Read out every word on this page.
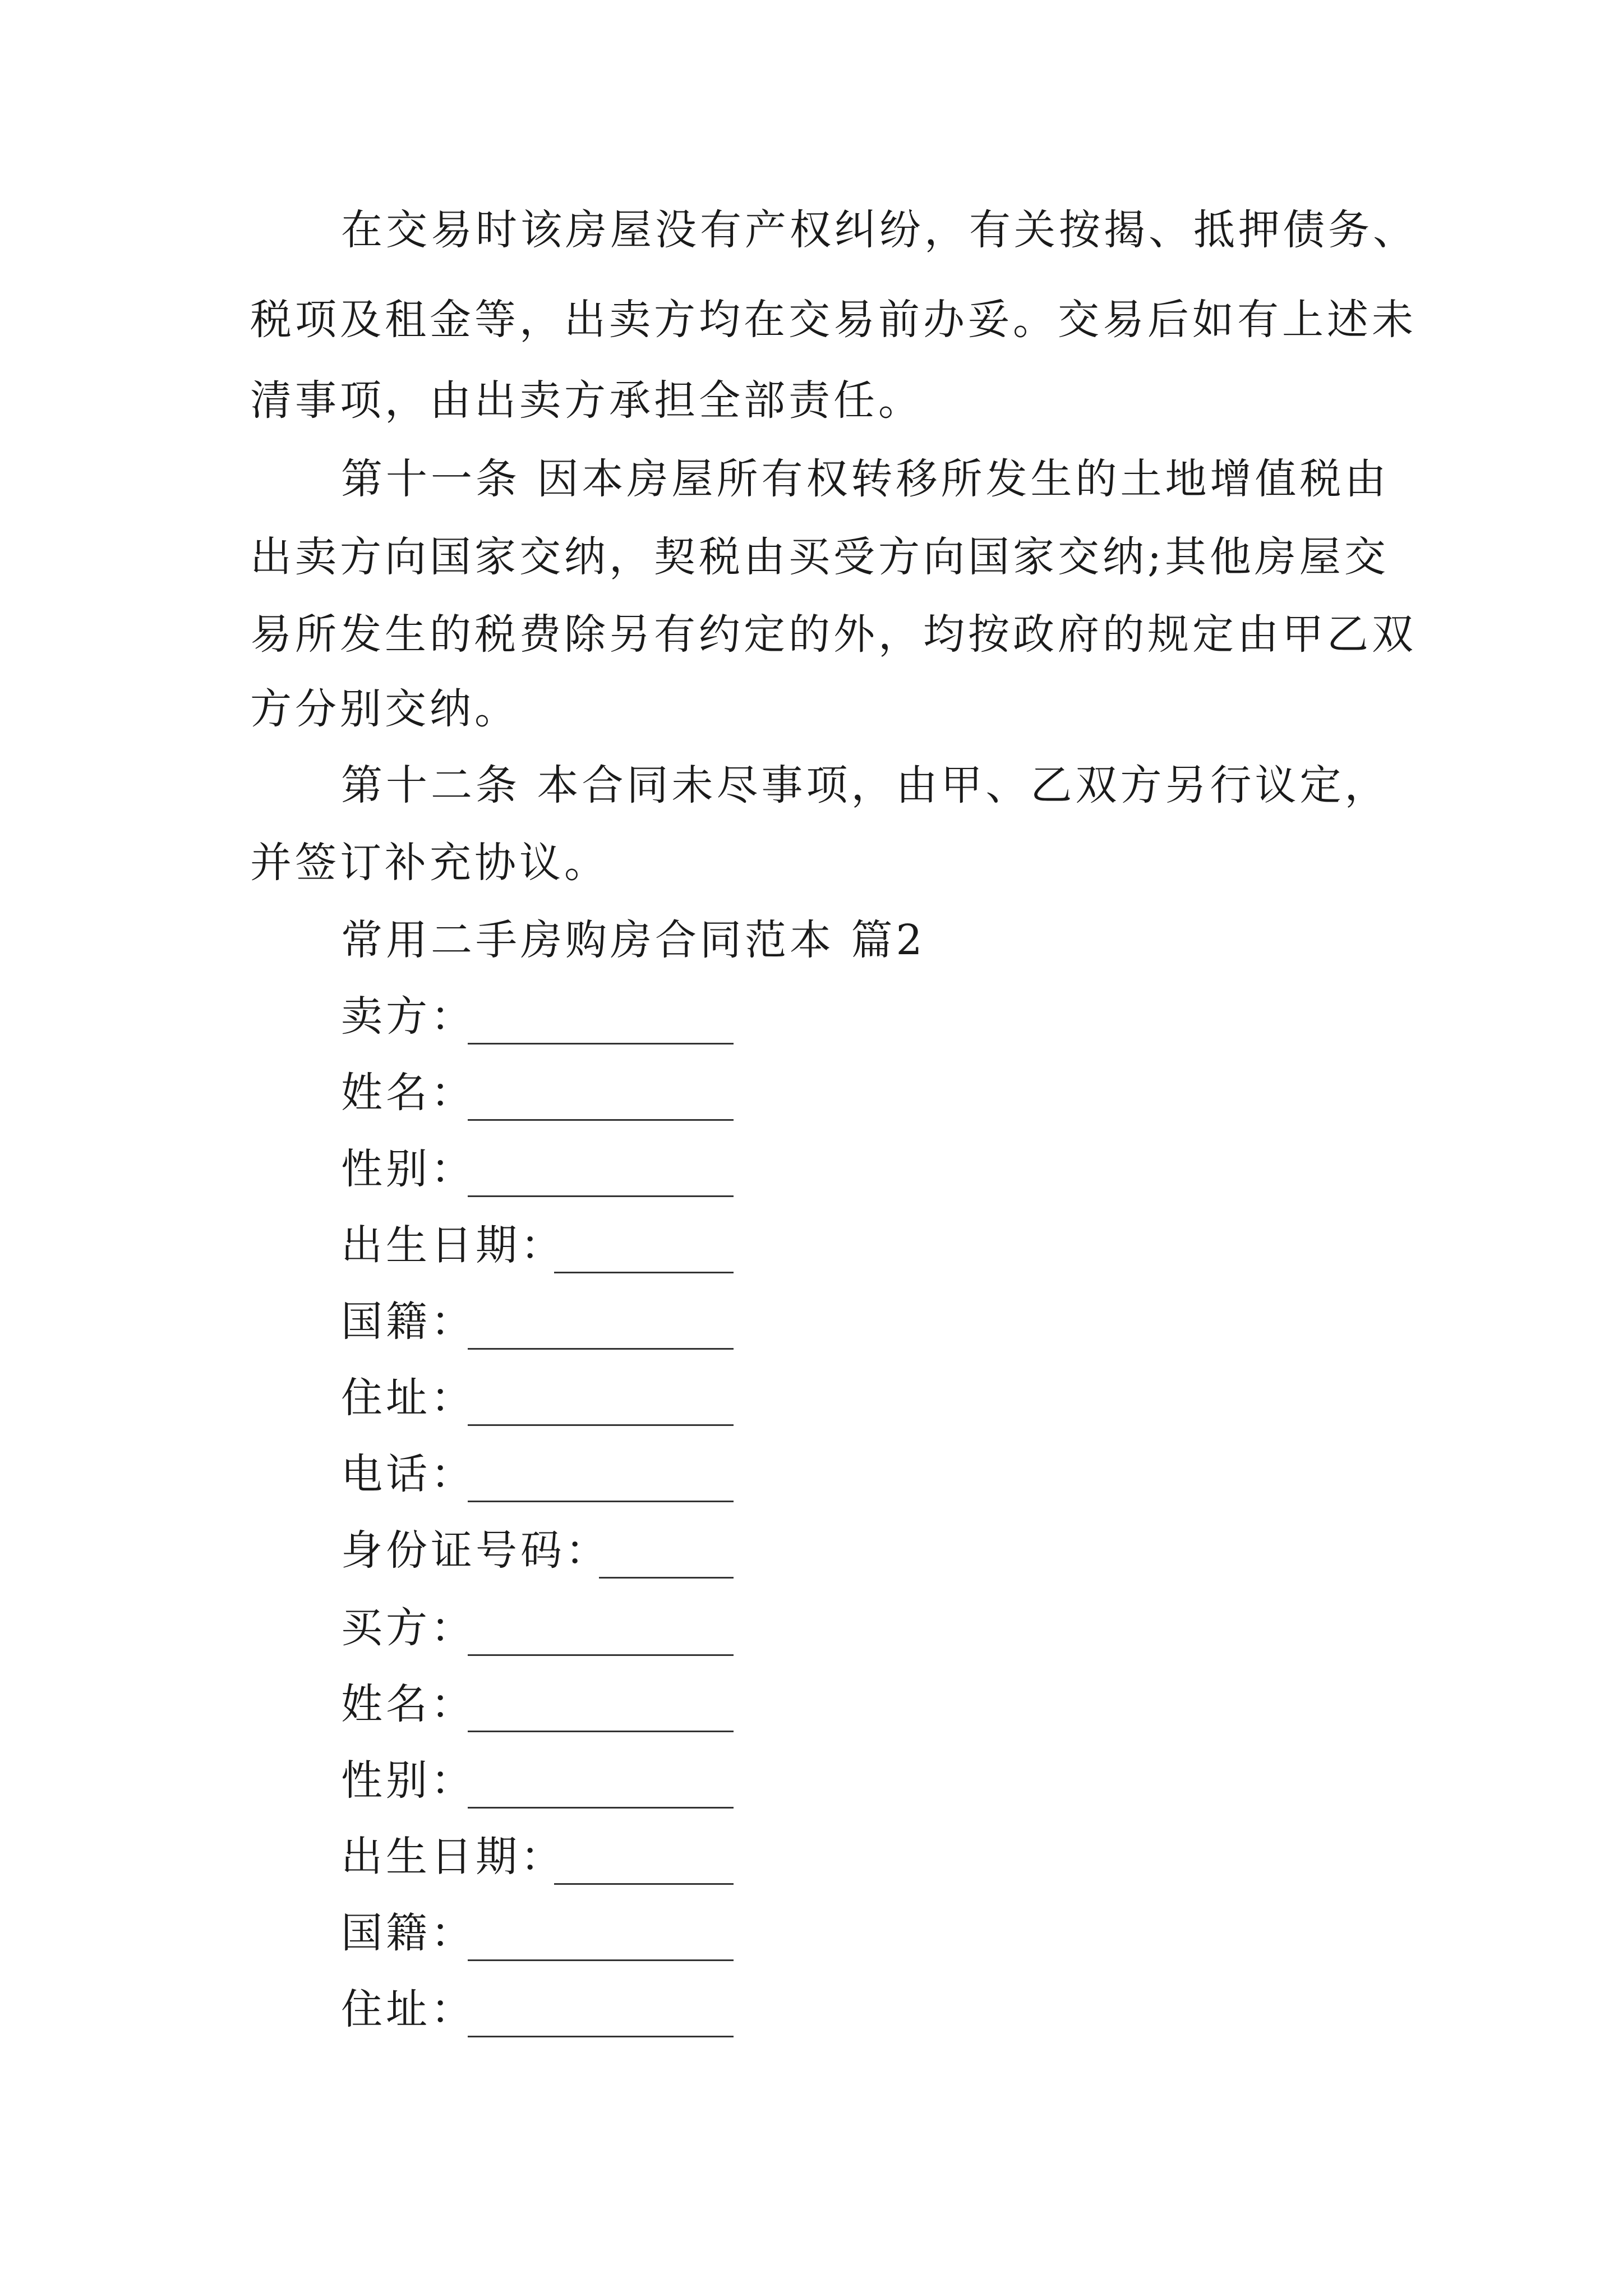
在交易时该房屋没有产权纠纷，有关按揭、抵押债务、
税项及租金等，出卖方均在交易前办妥。交易后如有上述未
清事项，由出卖方承担全部责任。
第十一条 因本房屋所有权转移所发生的土地增值税由
出卖方向国家交纳，契税由买受方向国家交纳;其他房屋交
易所发生的税费除另有约定的外，均按政府的规定由甲乙双
方分别交纳。
第十二条 本合同未尽事项，由甲、乙双方另行议定，
并签订补充协议。
常用二手房购房合同范本 篇2
卖方：
姓名：
性别：
出生日期：
国籍：
住址：
电话：
身份证号码：
买方：
姓名：
性别：
出生日期：
国籍：
住址：
